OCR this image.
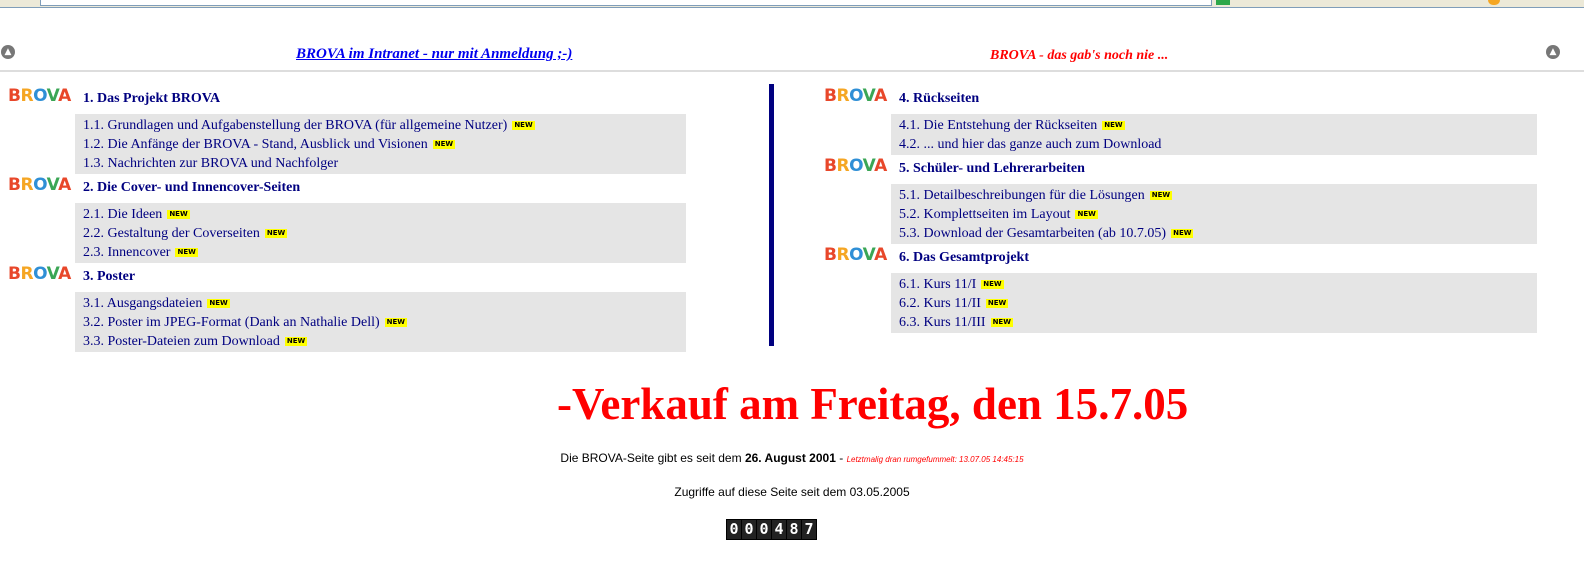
▲	BROVA im Intranet - nur mit Anmeldung ;-)	BROVA - das gab's noch nie ...	▲
BROVA 1. Das Projekt BROVA
1.1. Grundlagen und Aufgabenstellung der BROVA (für allgemeine Nutzer) NEW
1.2. Die Anfänge der BROVA - Stand, Ausblick und Visionen NEW
1.3. Nachrichten zur BROVA und Nachfolger
BROVA 2. Die Cover- und Innencover-Seiten
2.1. Die Ideen NEW
2.2. Gestaltung der Coverseiten NEW
2.3. Innencover NEW
BROVA 3. Poster
3.1. Ausgangsdateien NEW
3.2. Poster im JPEG-Format (Dank an Nathalie Dell) NEW
3.3. Poster-Dateien zum Download NEW
BROVA 4. Rückseiten
4.1. Die Entstehung der Rückseiten NEW
4.2. ... und hier das ganze auch zum Download
BROVA 5. Schüler- und Lehrerarbeiten
5.1. Detailbeschreibungen für die Lösungen NEW
5.2. Komplettseiten im Layout NEW
5.3. Download der Gesamtarbeiten (ab 10.7.05) NEW
BROVA 6. Das Gesamtprojekt
6.1. Kurs 11/I NEW
6.2. Kurs 11/II NEW
6.3. Kurs 11/III NEW
-Verkauf am Freitag, den 15.7.05
Die BROVA-Seite gibt es seit dem 26. August 2001 - Letztmalig dran rumgefummelt: 13.07.05 14:45:15
Zugriffe auf diese Seite seit dem 03.05.2005
0 0 0 4 8 7
